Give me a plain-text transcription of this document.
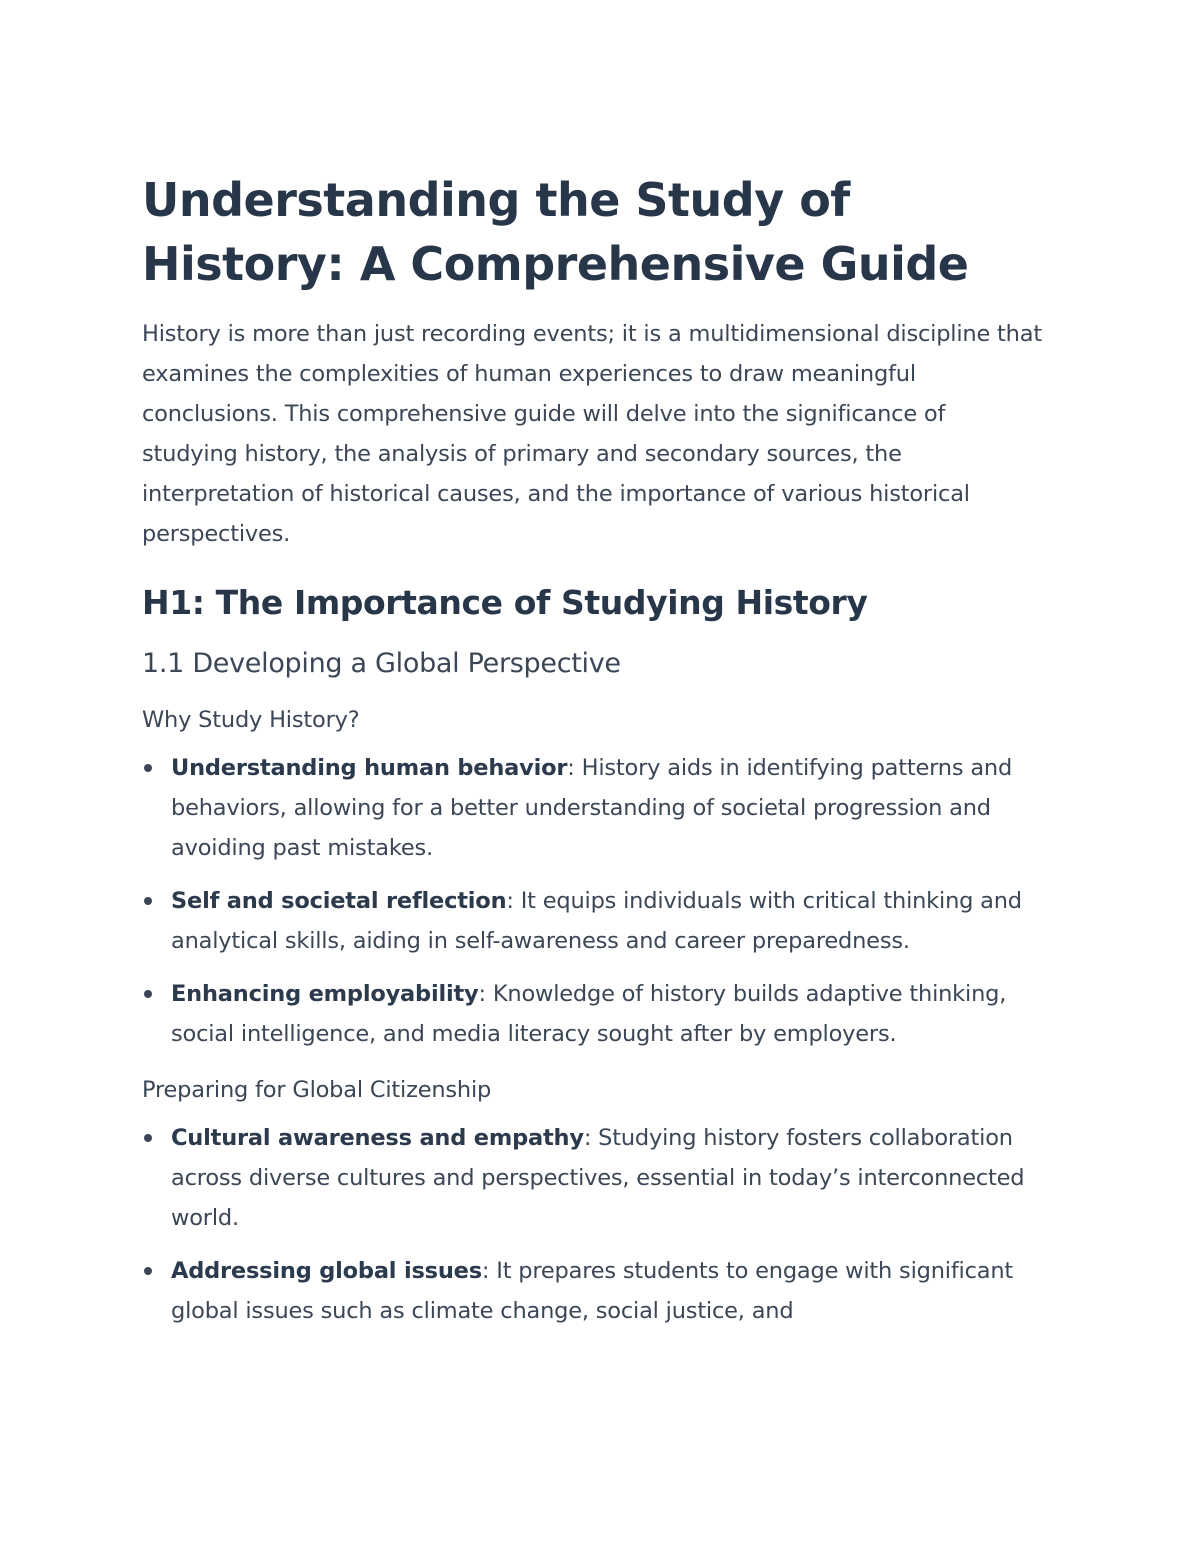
Understanding the Study of History: A Comprehensive Guide

History is more than just recording events; it is a multidimensional discipline that examines the complexities of human experiences to draw meaningful conclusions. This comprehensive guide will delve into the significance of studying history, the analysis of primary and secondary sources, the interpretation of historical causes, and the importance of various historical perspectives.

H1: The Importance of Studying History
1.1 Developing a Global Perspective
Why Study History?
Understanding human behavior: History aids in identifying patterns and behaviors, allowing for a better understanding of societal progression and avoiding past mistakes.
Self and societal reflection: It equips individuals with critical thinking and analytical skills, aiding in self-awareness and career preparedness.
Enhancing employability: Knowledge of history builds adaptive thinking, social intelligence, and media literacy sought after by employers.
Preparing for Global Citizenship
Cultural awareness and empathy: Studying history fosters collaboration across diverse cultures and perspectives, essential in today’s interconnected world.
Addressing global issues: It prepares students to engage with significant global issues such as climate change, social justice, and
